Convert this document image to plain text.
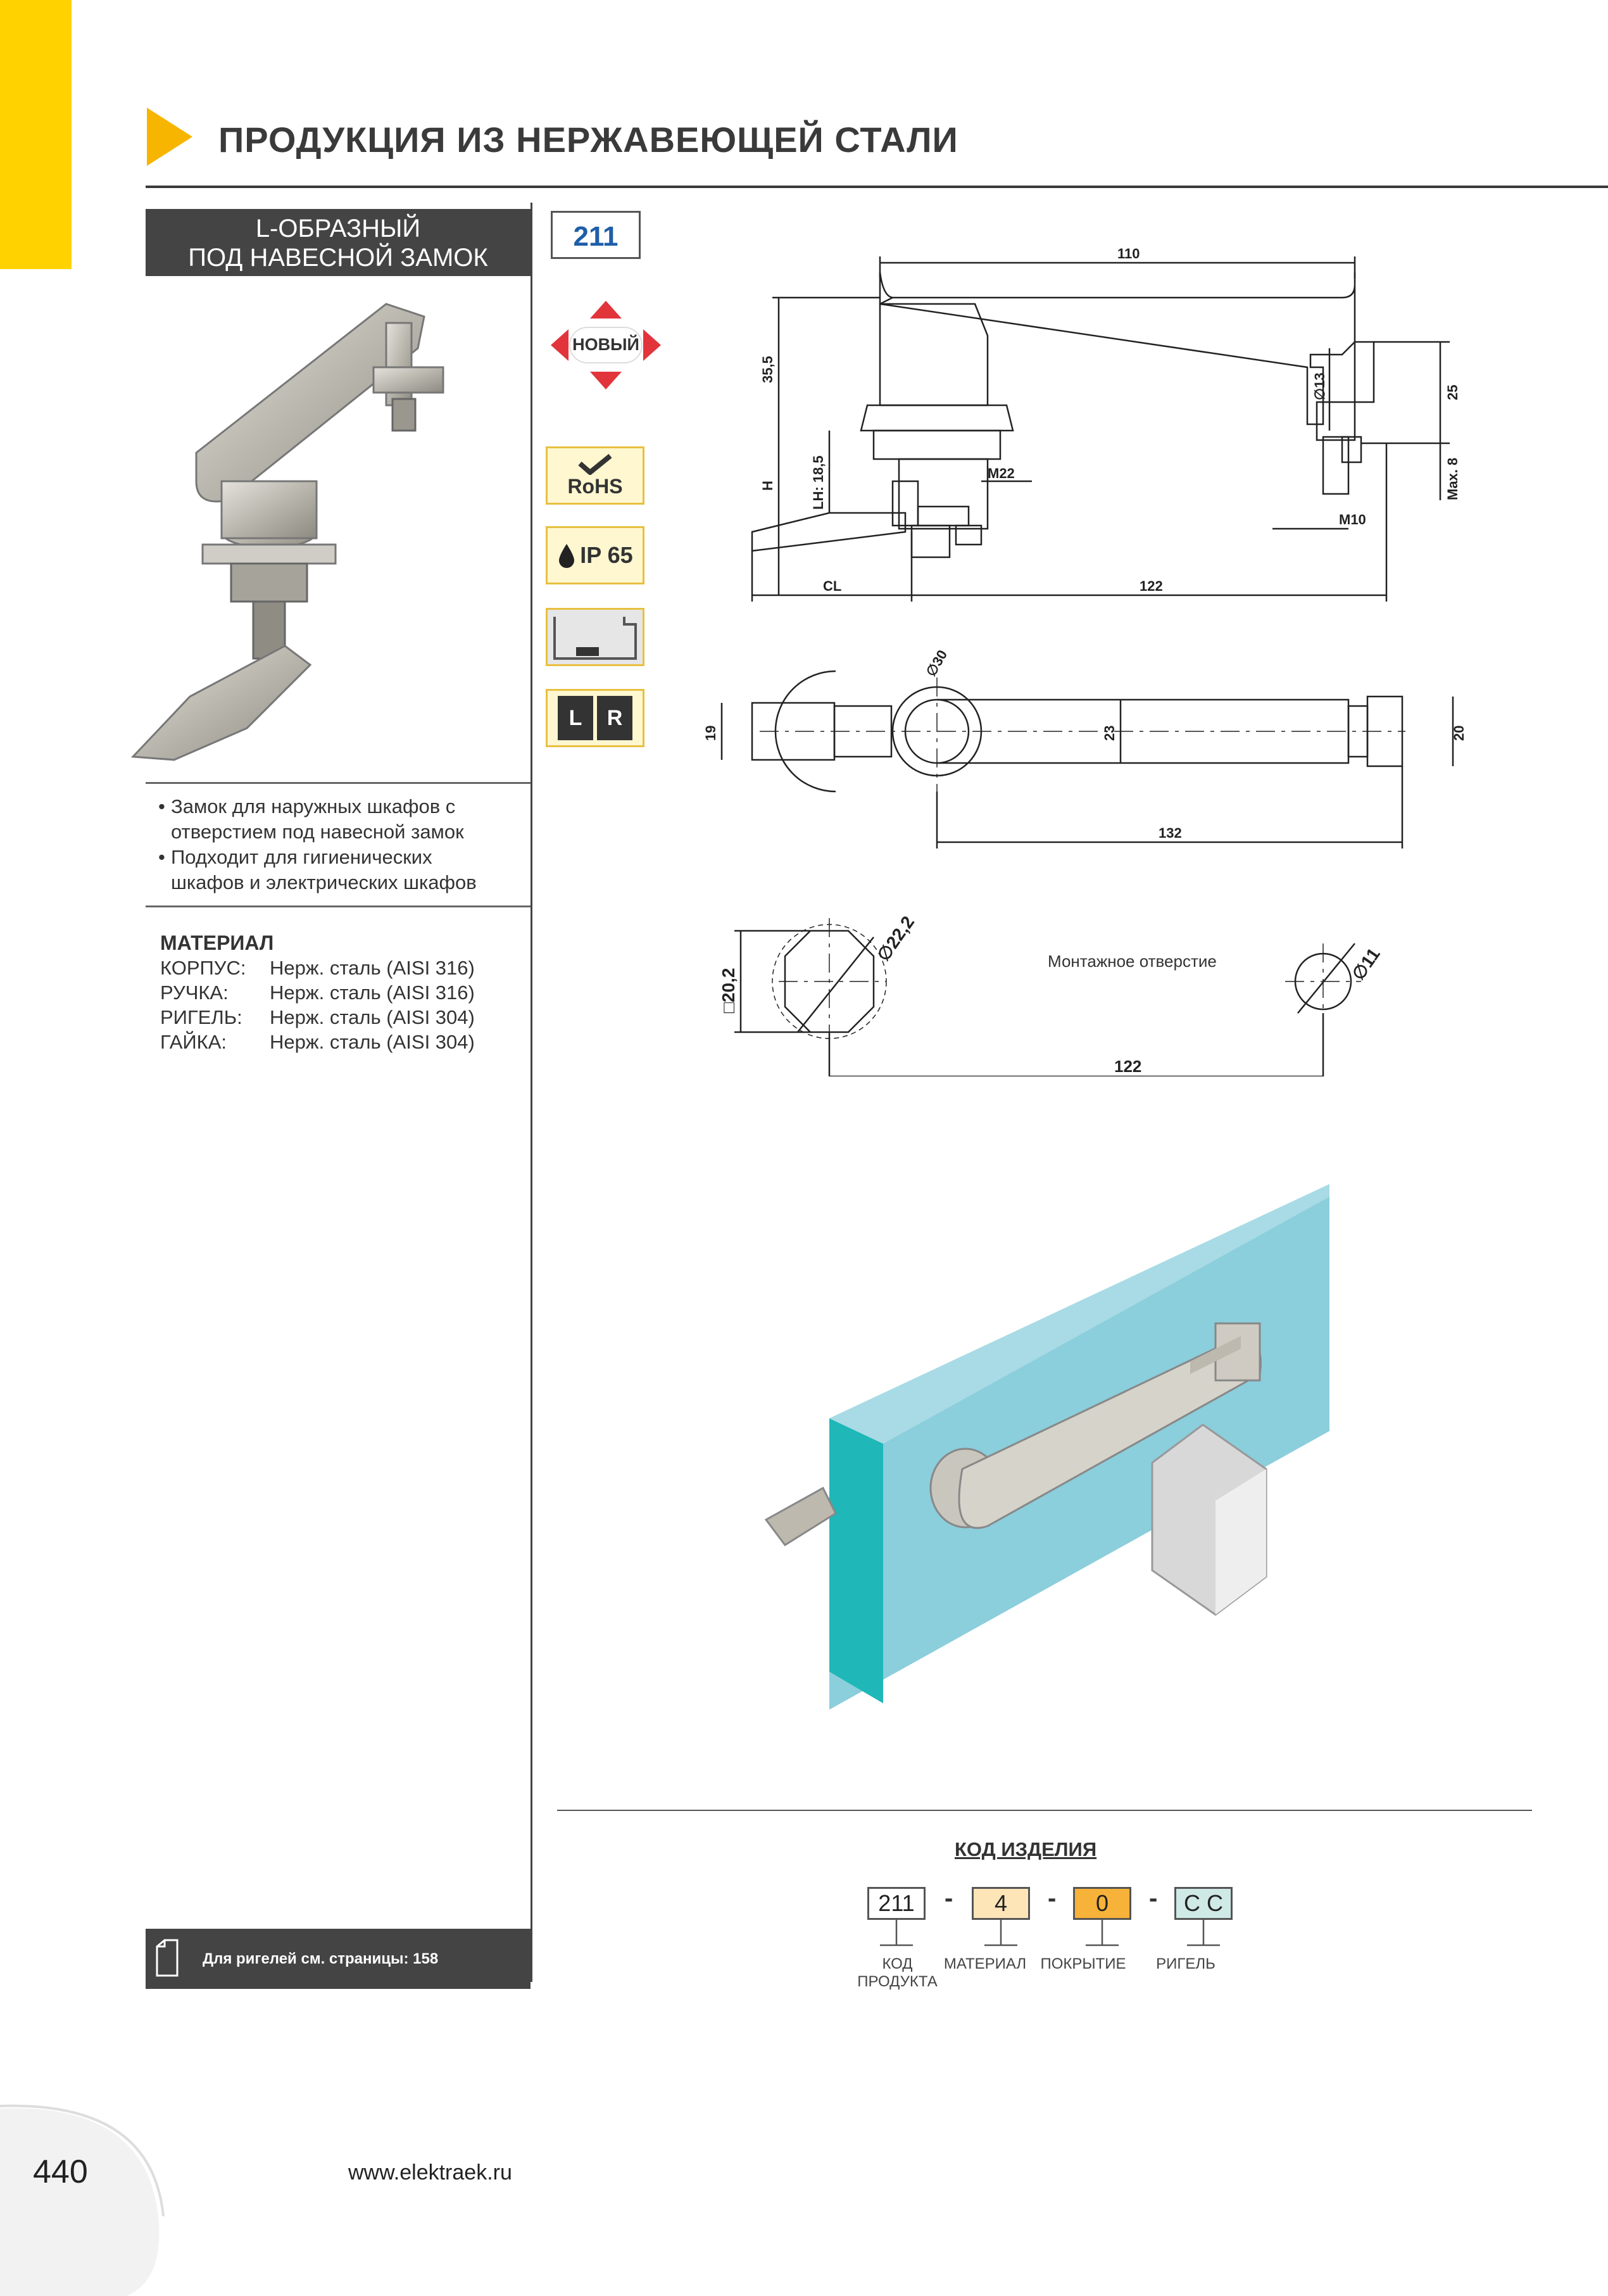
ПРОДУКЦИЯ ИЗ НЕРЖАВЕЮЩЕЙ СТАЛИ
L-ОБРАЗНЫЙ
ПОД НАВЕСНОЙ ЗАМОК
211
НОВЫЙ
RoHS
IP 65
L	R
• Замок для наружных шкафов с
отверстием под навесной замок
• Подходит для гигиенических
шкафов и электрических шкафов
МАТЕРИАЛ
КОРПУС: Нерж. сталь (AISI 316)
РУЧКА: Нерж. сталь (AISI 316)
РИГЕЛЬ: Нерж. сталь (AISI 304)
ГАЙКА: Нерж. сталь (AISI 304)
110
35,5
H	LH: 18,5
∅13	25
Max. 8
M22
M10
CL	122
∅30
19	23	20
132
∅22,2
□20,2
∅11
122
Монтажное отверстие
КОД ИЗДЕЛИЯ
211	-	4	-	0	-	C C
КОД ПРОДУКТА
МАТЕРИАЛ ПОКРЫТИЕ	РИГЕЛЬ
Для ригелей см. страницы: 158
440	www.elektraek.ru
